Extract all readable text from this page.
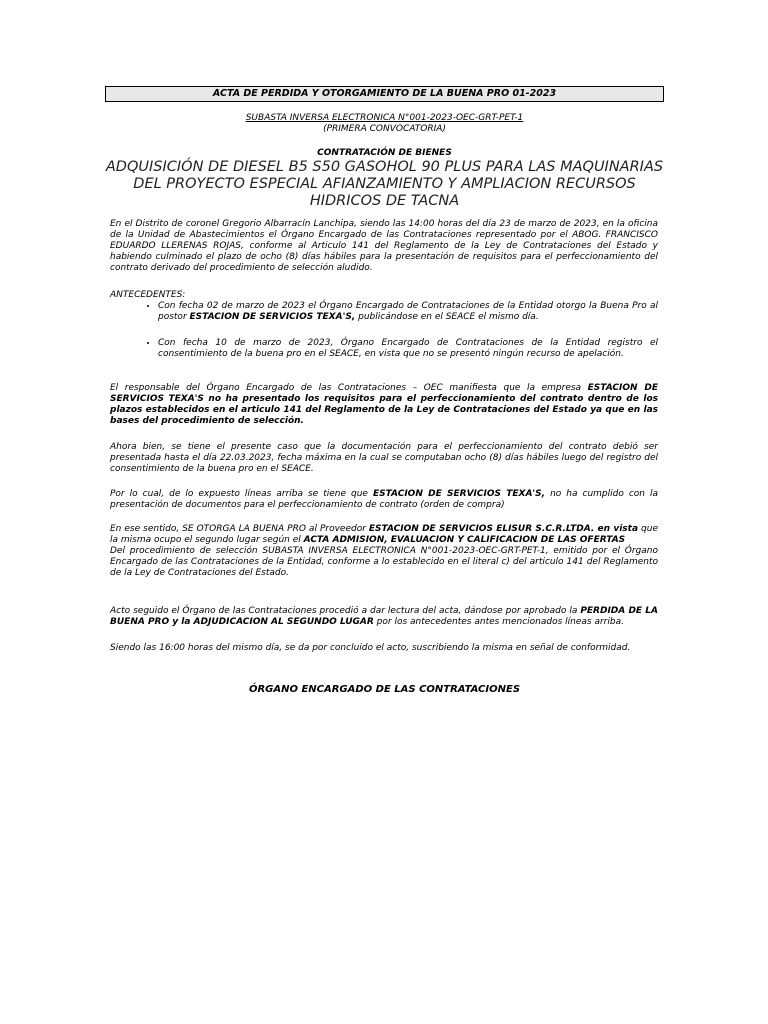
ACTA DE PERDIDA Y OTORGAMIENTO DE LA BUENA PRO 01-2023
SUBASTA INVERSA ELECTRONICA N°001-2023-OEC-GRT-PET-1
(PRIMERA CONVOCATORIA)
CONTRATACIÓN DE BIENES
ADQUISICIÓN DE DIESEL B5 S50 GASOHOL 90 PLUS PARA LAS MAQUINARIAS DEL PROYECTO ESPECIAL AFIANZAMIENTO Y AMPLIACION RECURSOS HIDRICOS DE TACNA
En el Distrito de coronel Gregorio Albarracín Lanchipa, siendo las 14:00 horas del día 23 de marzo de 2023, en la oficina de la Unidad de Abastecimientos el Órgano Encargado de las Contrataciones representado por el ABOG. FRANCISCO EDUARDO LLERENAS ROJAS, conforme al Articulo 141 del Reglamento de la Ley de Contrataciones del Estado y habiendo culminado el plazo de ocho (8) días hábiles para la presentación de requisitos para el perfeccionamiento del contrato derivado del procedimiento de selección aludido.
ANTECEDENTES:
• Con fecha 02 de marzo de 2023 el Órgano Encargado de Contrataciones de la Entidad otorgo la Buena Pro al postor ESTACION DE SERVICIOS TEXA'S, publicándose en el SEACE el mismo día.
• Con fecha 10 de marzo de 2023, Órgano Encargado de Contrataciones de la Entidad registro el consentimiento de la buena pro en el SEACE, en vista que no se presentó ningún recurso de apelación.
El responsable del Órgano Encargado de las Contrataciones – OEC manifiesta que la empresa ESTACION DE SERVICIOS TEXA'S no ha presentado los requisitos para el perfeccionamiento del contrato dentro de los plazos establecidos en el articulo 141 del Reglamento de la Ley de Contrataciones del Estado ya que en las bases del procedimiento de selección.
Ahora bien, se tiene el presente caso que la documentación para el perfeccionamiento del contrato debió ser presentada hasta el día 22.03.2023, fecha máxima en la cual se computaban ocho (8) días hábiles luego del registro del consentimiento de la buena pro en el SEACE.
Por lo cual, de lo expuesto líneas arriba se tiene que ESTACION DE SERVICIOS TEXA'S, no ha cumplido con la presentación de documentos para el perfeccionamiento de contrato (orden de compra)
En ese sentido, SE OTORGA LA BUENA PRO al Proveedor ESTACION DE SERVICIOS ELISUR S.C.R.LTDA. en vista que la misma ocupo el segundo lugar según el ACTA ADMISION, EVALUACION Y CALIFICACION DE LAS OFERTAS
Del procedimiento de selección SUBASTA INVERSA ELECTRONICA N°001-2023-OEC-GRT-PET-1, emitido por el Órgano Encargado de las Contrataciones de la Entidad, conforme a lo establecido en el literal c) del articulo 141 del Reglamento de la Ley de Contrataciones del Estado.
Acto seguido el Órgano de las Contrataciones procedió a dar lectura del acta, dándose por aprobado la PERDIDA DE LA BUENA PRO y la ADJUDICACION AL SEGUNDO LUGAR por los antecedentes antes mencionados líneas arriba.
Siendo las 16:00 horas del mismo día, se da por concluido el acto, suscribiendo la misma en señal de conformidad.
ÓRGANO ENCARGADO DE LAS CONTRATACIONES
